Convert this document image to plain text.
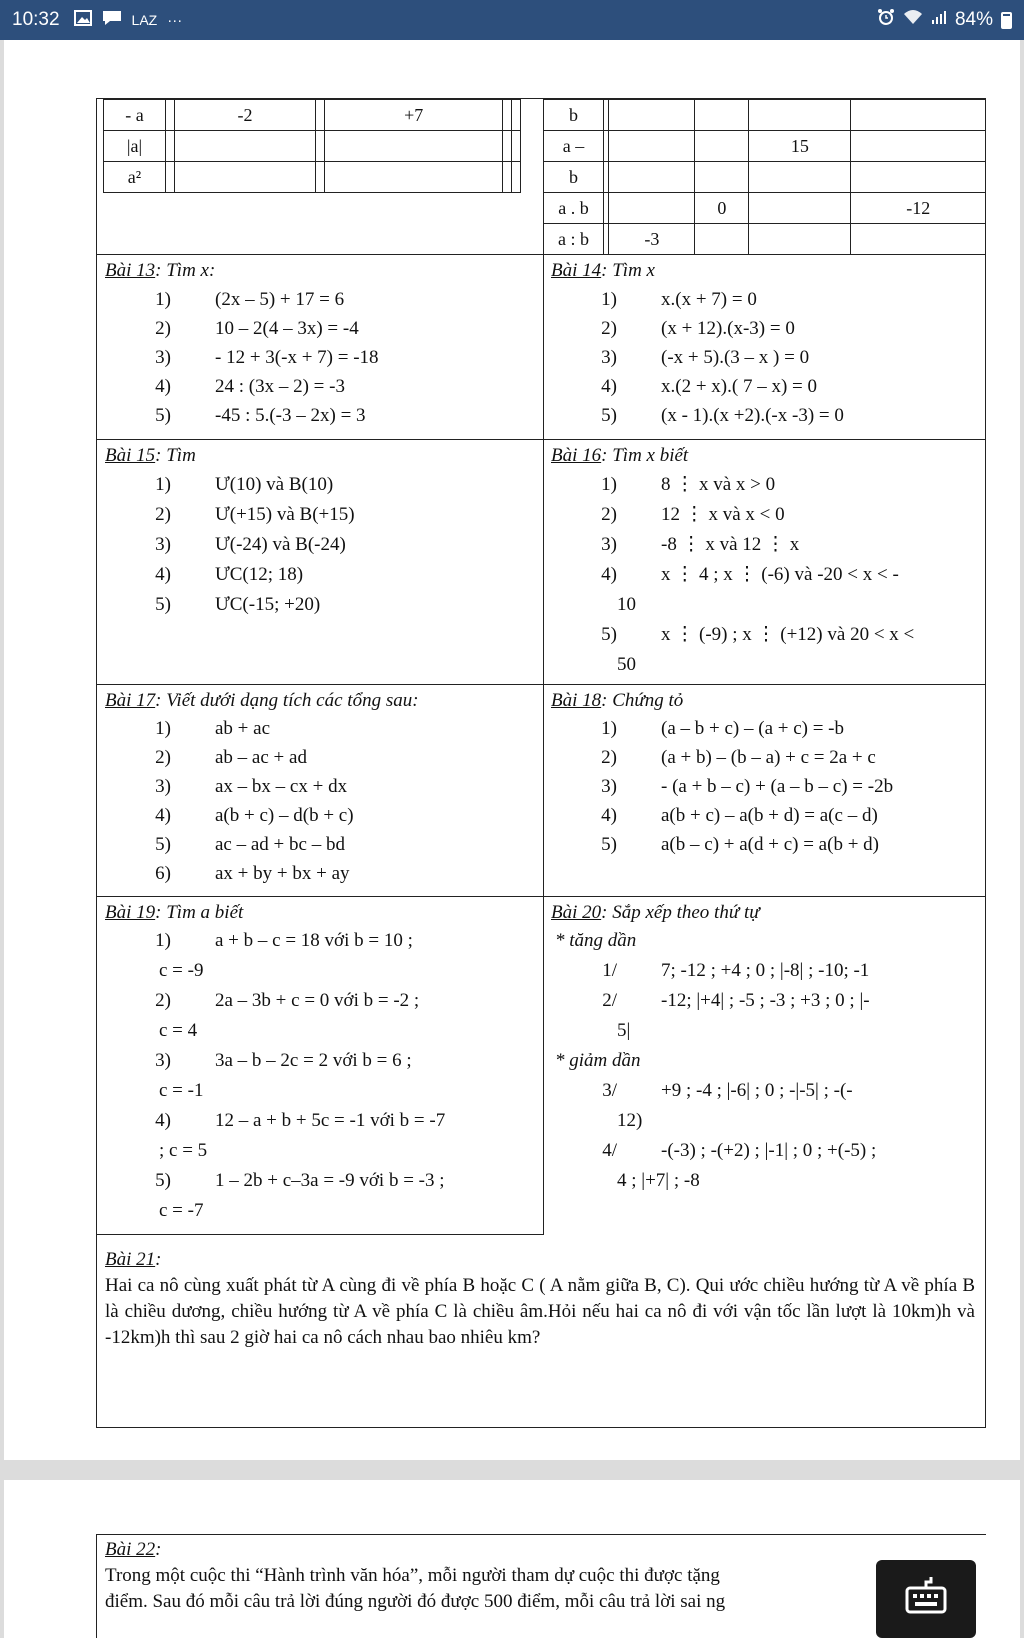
10:32	LAZ ···	84%
- a		-2		+7		
|a|						
a²						
b					
a –				15	
b					
a . b			0		-12
a : b		-3			
Bài 13: Tìm x:
1) (2x – 5) + 17 = 6
2) 10 – 2(4 – 3x) = -4
3) - 12 + 3(-x + 7) = -18
4) 24 : (3x – 2) = -3
5) -45 : 5.(-3 – 2x) = 3
Bài 14: Tìm x
1) x.(x + 7) = 0
2) (x + 12).(x-3) = 0
3) (-x + 5).(3 – x ) = 0
4) x.(2 + x).( 7 – x) = 0
5) (x - 1).(x +2).(-x -3) = 0
Bài 15: Tìm
1) Ư(10) và B(10)
2) Ư(+15) và B(+15)
3) Ư(-24) và B(-24)
4) ƯC(12; 18)
5) ƯC(-15; +20)
Bài 16: Tìm x biết
1) 8 ⋮ x và x > 0
2) 12 ⋮ x và x < 0
3) -8 ⋮ x và 12 ⋮ x
4) x ⋮ 4 ; x ⋮ (-6) và -20 < x < -
10
5) x ⋮ (-9) ; x ⋮ (+12) và 20 < x <
50
Bài 17: Viết dưới dạng tích các tổng sau:
1) ab + ac
2) ab – ac + ad
3) ax – bx – cx + dx
4) a(b + c) – d(b + c)
5) ac – ad + bc – bd
6) ax + by + bx + ay
Bài 18: Chứng tỏ
1) (a – b + c) – (a + c) = -b
2)(a + b) – (b – a) + c = 2a + c
3) - (a + b – c) + (a – b – c) = -2b
4) a(b + c) – a(b + d) = a(c – d)
5) a(b – c) + a(d + c) = a(b + d)
Bài 19: Tìm a biết
1) a + b – c = 18 với b = 10 ;
c = -9
2) 2a – 3b + c = 0 với b = -2 ;
c = 4
3) 3a – b – 2c = 2 với b = 6 ;
c = -1
4) 12 – a + b + 5c = -1 với b = -7
; c = 5
5) 1 – 2b + c–3a = -9 với b = -3 ;
c = -7
Bài 20: Sắp xếp theo thứ tự
* tăng dần
1/ 7; -12 ; +4 ; 0 ; |-8| ; -10; -1
2/ -12; |+4| ; -5 ; -3 ; +3 ; 0 ; |-
5|
* giảm dần
3/ +9 ; -4 ; |-6| ; 0 ; -|-5| ; -(-
12)
4/ -(-3) ; -(+2) ; |-1| ; 0 ; +(-5) ;
4 ; |+7| ; -8
Bài 21:

Hai ca nô cùng xuất phát từ A cùng đi về phía B hoặc C ( A nằm giữa B, C). Qui ước chiều hướng từ A về phía B là chiều dương, chiều hướng từ A về phía C là chiều âm.Hỏi nếu hai ca nô đi với vận tốc lần lượt là 10km)h và -12km)h thì sau 2 giờ hai ca nô cách nhau bao nhiêu km?

Bài 22:
Trong một cuộc thi “Hành trình văn hóa”, mỗi người tham dự cuộc thi được tặng
điểm. Sau đó mỗi câu trả lời đúng người đó được 500 điểm, mỗi câu trả lời sai ng
